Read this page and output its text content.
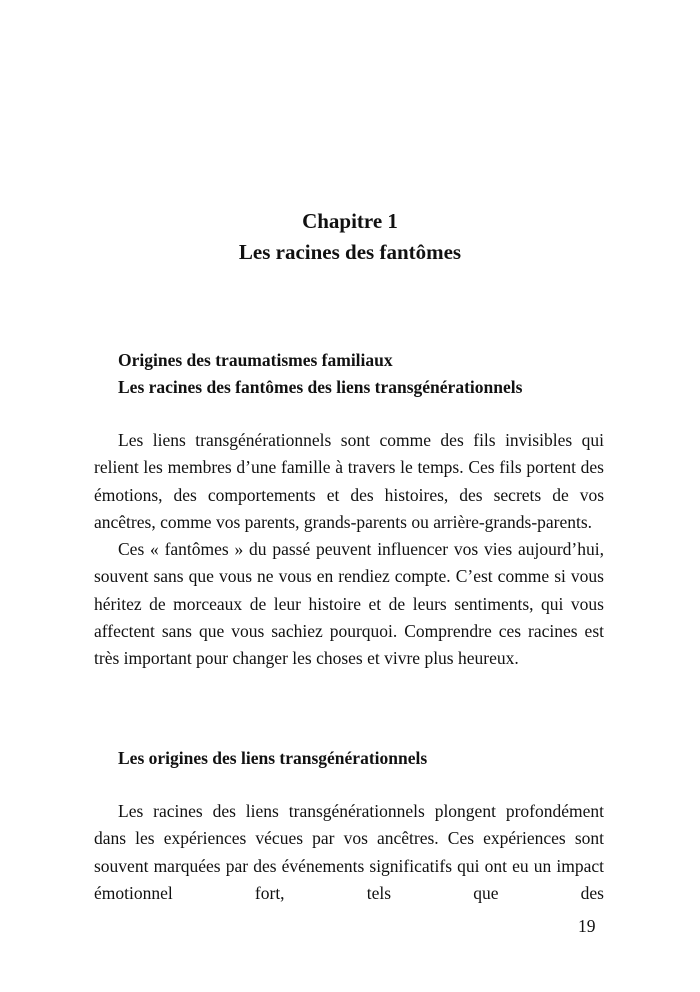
Chapitre 1
Les racines des fantômes
Origines des traumatismes familiaux
Les racines des fantômes des liens transgénérationnels

Les liens transgénérationnels sont comme des fils invisibles qui relient les membres d’une famille à travers le temps. Ces fils portent des émotions, des comportements et des histoires, des secrets de vos ancêtres, comme vos parents, grands-parents ou arrière-grands-parents.

Ces « fantômes » du passé peuvent influencer vos vies aujourd’hui, souvent sans que vous ne vous en rendiez compte. C’est comme si vous héritez de morceaux de leur histoire et de leurs sentiments, qui vous affectent sans que vous sachiez pourquoi. Comprendre ces racines est très important pour changer les choses et vivre plus heureux.

Les origines des liens transgénérationnels

Les racines des liens transgénérationnels plongent profondément dans les expériences vécues par vos ancêtres. Ces expériences sont souvent marquées par des événements significatifs qui ont eu un impact émotionnel fort, tels que des

19
